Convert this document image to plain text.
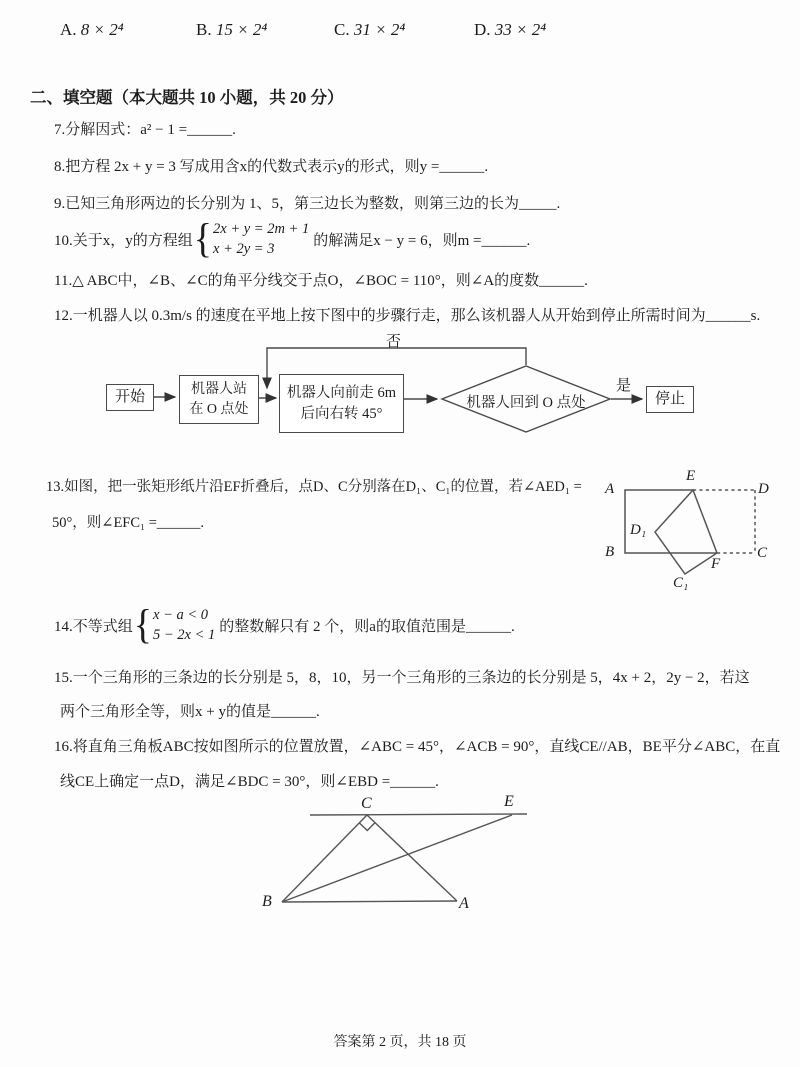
A. 8 × 2⁴	B. 15 × 2⁴	C. 31 × 2⁴	D. 33 × 2⁴
二、填空题（本大题共 10 小题，共 20 分）
7.分解因式：a² − 1 =______.
8.把方程 2x + y = 3 写成用含x的代数式表示y的形式，则y =______.
9.已知三角形两边的长分别为 1、5，第三边长为整数，则第三边的长为_____.
10.关于x，y的方程组 { 2x + y = 2m + 1
x + 2y = 3
的解满足x − y = 6，则m =______.
11.△ ABC中，∠B、∠C的角平分线交于点O，∠BOC = 110°，则∠A的度数______.
12.一机器人以 0.3m/s 的速度在平地上按下图中的步骤行走，那么该机器人从开始到停止所需时间为______s.
开始	机器人站
在 O 点处
机器人向前走 6m
后向右转 45°
机器人回到 O 点处
否
是
停止
13.如图，把一张矩形纸片沿EF折叠后，点D、C分别落在D₁、C₁的位置，若∠AED₁ =
50°，则∠EFC₁ =______.
A
B
E
D
C
F
D₁
C₁
14.不等式组 { x − a < 0
5 − 2x < 1
的整数解只有 2 个，则a的取值范围是______.
15.一个三角形的三条边的长分别是 5，8，10，另一个三角形的三条边的长分别是 5，4x + 2，2y − 2，若这
两个三角形全等，则x + y的值是______.
16.将直角三角板ABC按如图所示的位置放置，∠ABC = 45°，∠ACB = 90°，直线CE//AB，BE平分∠ABC，在直
线CE上确定一点D，满足∠BDC = 30°，则∠EBD =______.
C	E
B	A
答案第 2 页，共 18 页
